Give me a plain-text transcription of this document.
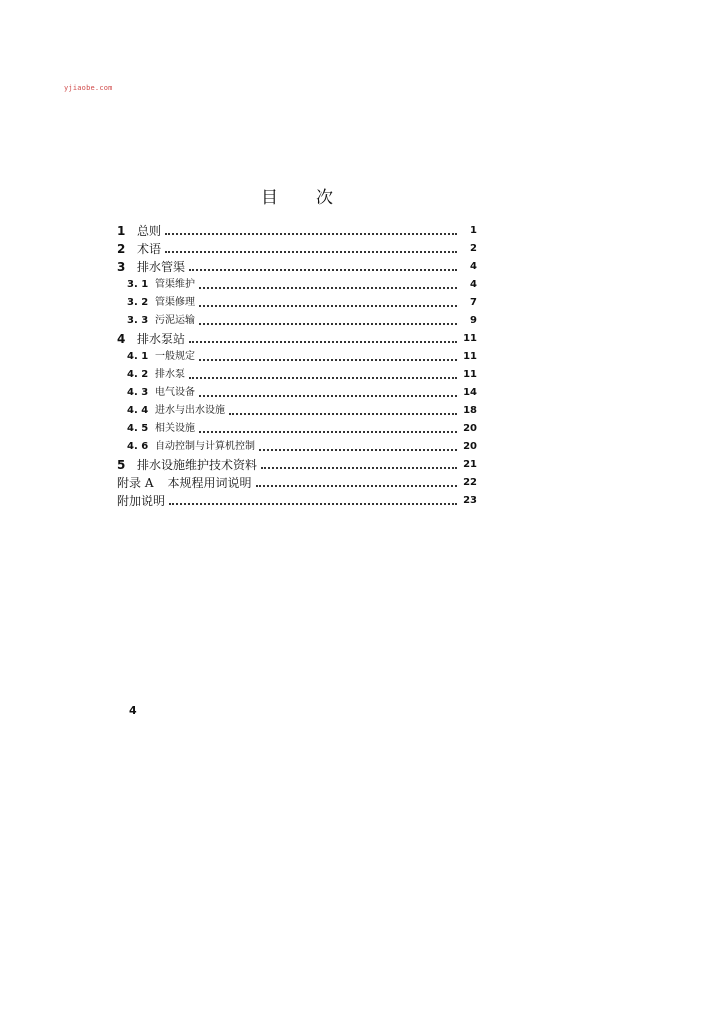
yjiaobe.com
目 次
1 总则	1
2 术语	2
3 排水管渠	4
3. 1 管渠维护	4
3. 2 管渠修理	7
3. 3 污泥运输	9
4 排水泵站	11
4. 1 一般规定	11
4. 2 排水泵	11
4. 3 电气设备	14
4. 4 进水与出水设施	18
4. 5 相关设施	20
4. 6 自动控制与计算机控制	20
5 排水设施维护技术资料	21
附录 A 本规程用词说明	22
附加说明	23
4
